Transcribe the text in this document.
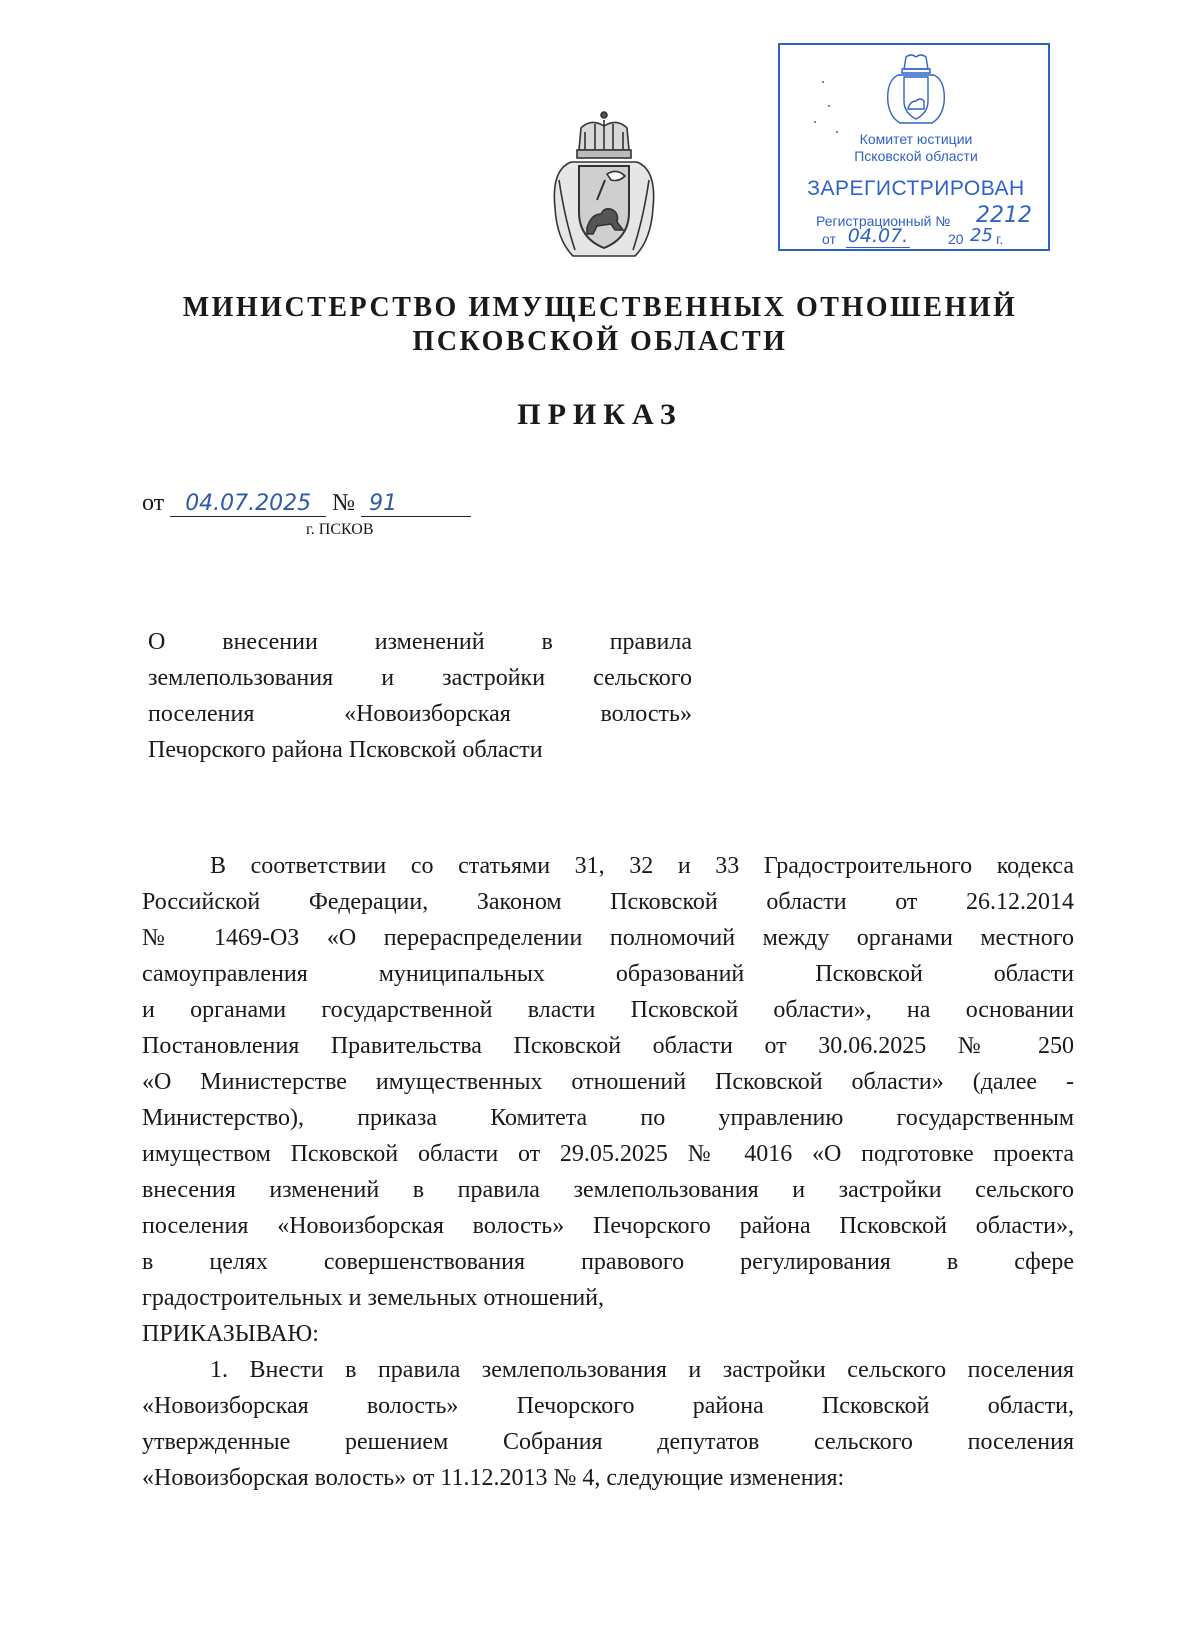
Комитет юстиции
Псковской области
ЗАРЕГИСТРИРОВАН
Регистрационный № 2212
от 04.07.	20 25 г.
МИНИСТЕРСТВО ИМУЩЕСТВЕННЫХ ОТНОШЕНИЙ
ПСКОВСКОЙ ОБЛАСТИ
ПРИКАЗ
от 04.07.2025 № 91
г. ПСКОВ
О внесении изменений в правила
землепользования и застройки сельского
поселения «Новоизборская волость»
Печорского района Псковской области
В соответствии со статьями 31, 32 и 33 Градостроительного кодекса
Российской Федерации, Законом Псковской области от 26.12.2014
№ 1469-ОЗ «О перераспределении полномочий между органами местного
самоуправления муниципальных образований Псковской области
и органами государственной власти Псковской области», на основании
Постановления Правительства Псковской области от 30.06.2025 № 250
«О Министерстве имущественных отношений Псковской области» (далее -
Министерство), приказа Комитета по управлению государственным
имуществом Псковской области от 29.05.2025 № 4016 «О подготовке проекта
внесения изменений в правила землепользования и застройки сельского
поселения «Новоизборская волость» Печорского района Псковской области»,
в целях совершенствования правового регулирования в сфере
градостроительных и земельных отношений,
ПРИКАЗЫВАЮ:
1. Внести в правила землепользования и застройки сельского поселения
«Новоизборская волость» Печорского района Псковской области,
утвержденные решением Собрания депутатов сельского поселения
«Новоизборская волость» от 11.12.2013 № 4, следующие изменения:
